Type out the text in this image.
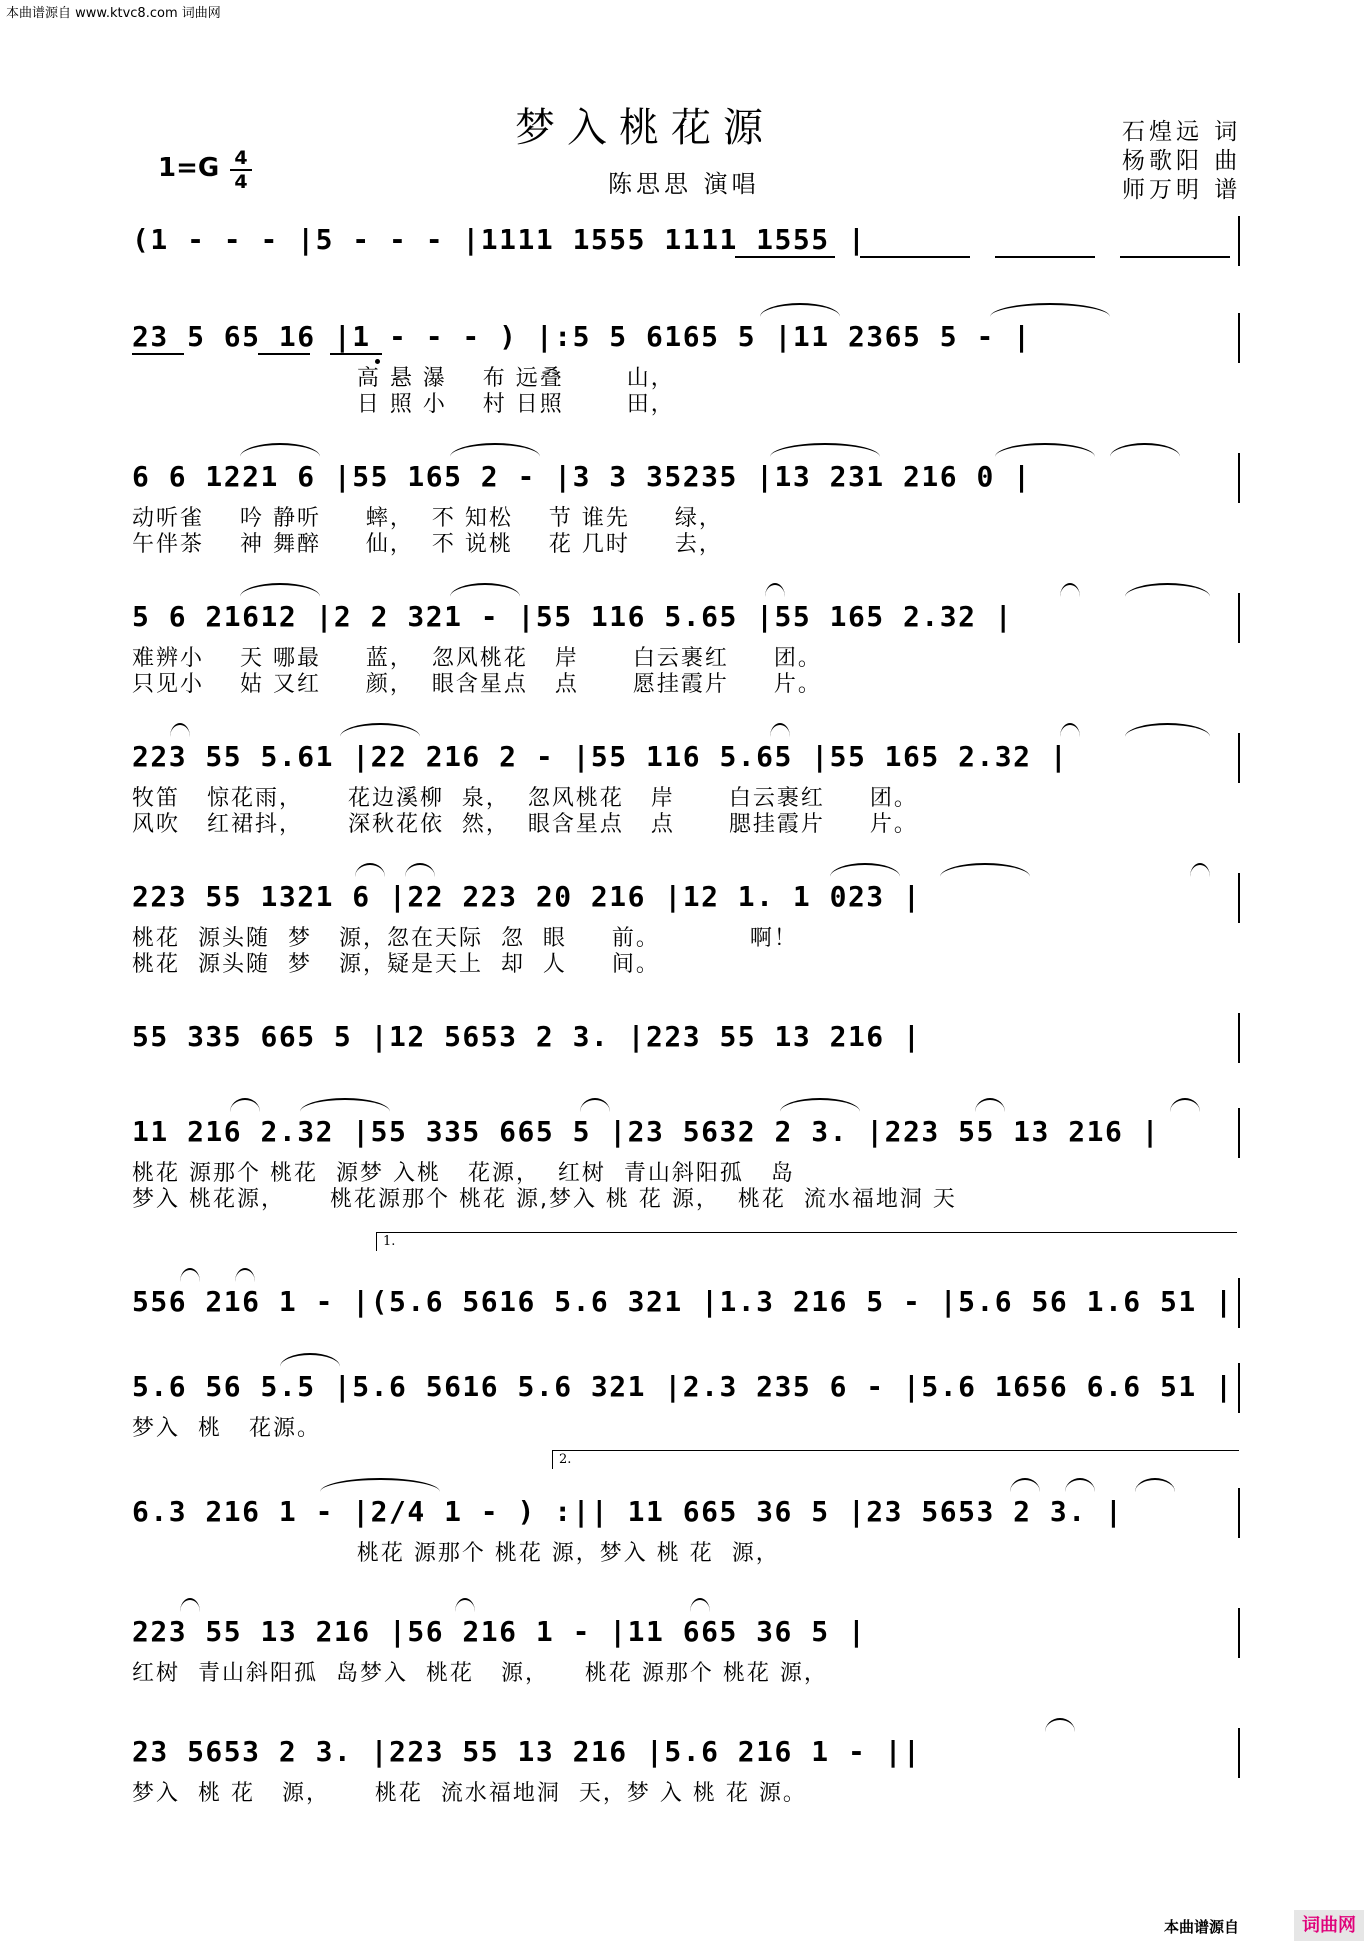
本曲谱源自 www.ktvc8.com 词曲网
梦入桃花源
陈思思 演唱
石煌远 词
杨歌阳 曲
师万明 谱
1=G 4
4
(1 - - - |5 - - - |1111 1555 1111 1555 |
23 5 65 16 |1 - - - ) |:5 5 6165 5 |11 2365 5 - |
高 悬 瀑    布 远叠       山，
日 照 小    村 日照       田，
6 6 1221 6 |55 165 2 - |3 3 35235 |13 231 216 0 |
动听雀    吟 静听     蟀，  不 知松    节 谁先     绿，
午伴茶    神 舞醉     仙，  不 说桃    花 几时     去，
5 6 21612 |2 2 321 - |55 116 5.65 |55 165 2.32 |
难辨小    天 哪最     蓝，  忽风桃花   岸      白云裹红     团。
只见小    姑 又红     颜，  眼含星点   点      愿挂霞片     片。
223 55 5.61 |22 216 2 - |55 116 5.65 |55 165 2.32 |
牧笛   惊花雨，     花边溪柳  泉，  忽风桃花   岸      白云裹红     团。
风吹   红裙抖，     深秋花依  然，  眼含星点   点      腮挂霞片     片。
223 55 1321 6 |22 223 20 216 |12 1. 1 023 |
桃花  源头随  梦   源，忽在天际  忽  眼     前。          啊！
桃花  源头随  梦   源，疑是天上  却  人     间。
55 335 665 5 |12 5653 2 3. |223 55 13 216 |
11 216 2.32 |55 335 665 5 |23 5632 2 3. |223 55 13 216 |
桃花 源那个 桃花  源梦 入桃   花源，  红树  青山斜阳孤   岛
梦入 桃花源，     桃花源那个 桃花 源,梦入 桃 花 源，  桃花  流水福地洞 天
1.
556 216 1 - |(5.6 5616 5.6 321 |1.3 216 5 - |5.6 56 1.6 51 |
5.6 56 5.5 |5.6 5616 5.6 321 |2.3 235 6 - |5.6 1656 6.6 51 |
梦入  桃   花源。
2.
6.3 216 1 - |2/4 1 - ) :|| 11 665 36 5 |23 5653 2 3. |
桃花 源那个 桃花 源，梦入 桃 花  源，
223 55 13 216 |56 216 1 - |11 665 36 5 |
红树  青山斜阳孤  岛梦入  桃花   源，    桃花 源那个 桃花 源，
23 5653 2 3. |223 55 13 216 |5.6 216 1 - ||
梦入  桃 花   源，     桃花  流水福地洞  天，梦 入 桃 花 源。
本曲谱源自	词曲网
